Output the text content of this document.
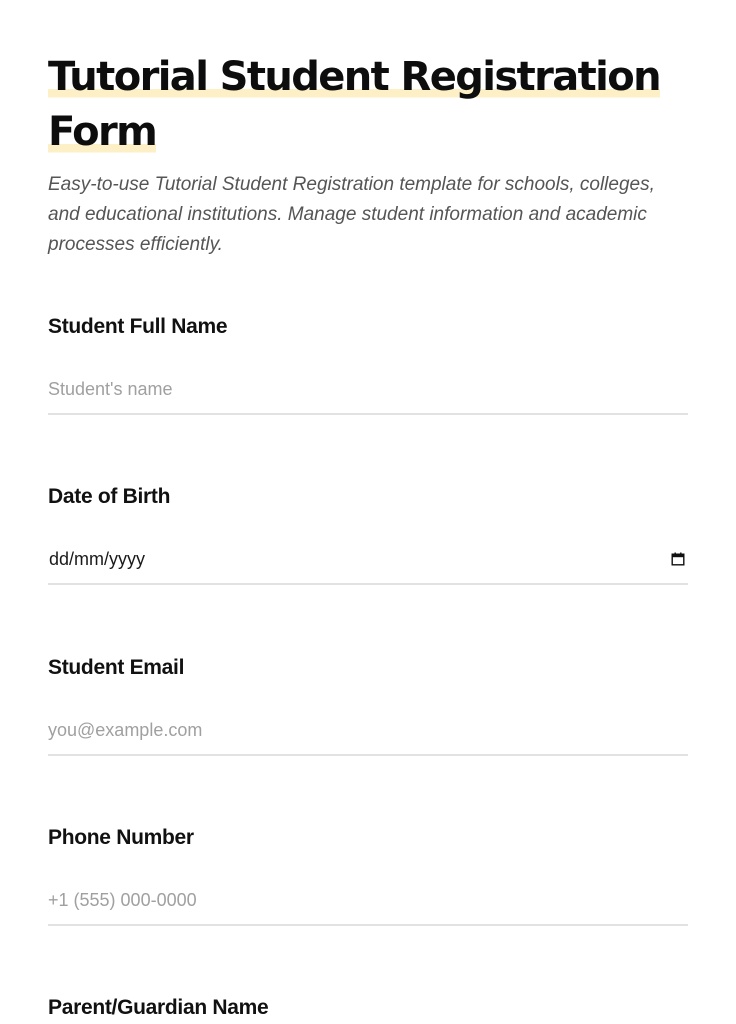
Tutorial Student Registration Form

Easy-to-use Tutorial Student Registration template for schools, colleges, and educational institutions. Manage student information and academic processes efficiently.

Student Full Name
Student's name
Date of Birth
dd/mm/yyyy
Student Email
you@example.com
Phone Number
+1 (555) 000-0000
Parent/Guardian Name
